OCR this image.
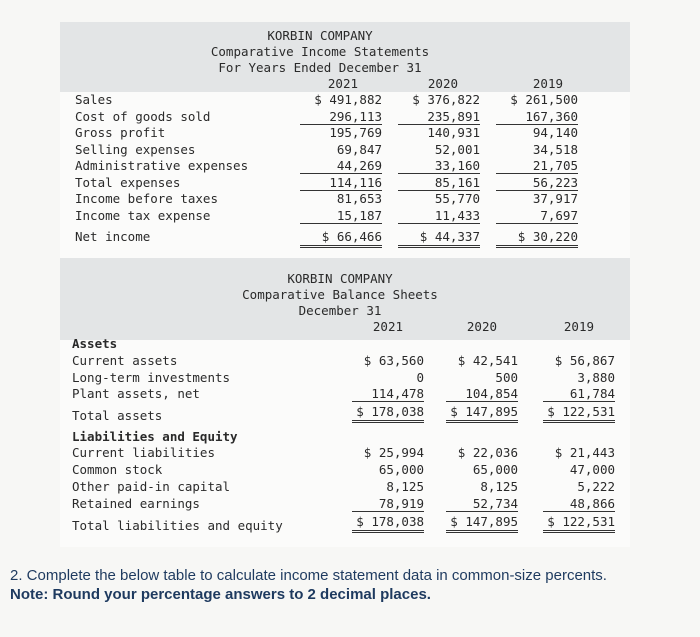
KORBIN COMPANY
Comparative Income Statements
For Years Ended December 31
2021	2020	2019
Sales	$ 491,882	$ 376,822	$ 261,500
Cost of goods sold	296,113	235,891	167,360
Gross profit	195,769	140,931	94,140
Selling expenses	69,847	52,001	34,518
Administrative expenses	44,269	33,160	21,705
Total expenses	114,116	85,161	56,223
Income before taxes	81,653	55,770	37,917
Income tax expense	15,187	11,433	7,697
Net income	$ 66,466	$ 44,337	$ 30,220
KORBIN COMPANY
Comparative Balance Sheets
December 31
2021	2020	2019
Assets
Current assets	$ 63,560	$ 42,541	$ 56,867
Long-term investments	0	500	3,880
Plant assets, net	114,478	104,854	61,784
Total assets	$ 178,038	$ 147,895	$ 122,531
Liabilities and Equity
Current liabilities	$ 25,994	$ 22,036	$ 21,443
Common stock	65,000	65,000	47,000
Other paid-in capital	8,125	8,125	5,222
Retained earnings	78,919	52,734	48,866
Total liabilities and equity	$ 178,038	$ 147,895	$ 122,531
2. Complete the below table to calculate income statement data in common-size percents.
Note: Round your percentage answers to 2 decimal places.
